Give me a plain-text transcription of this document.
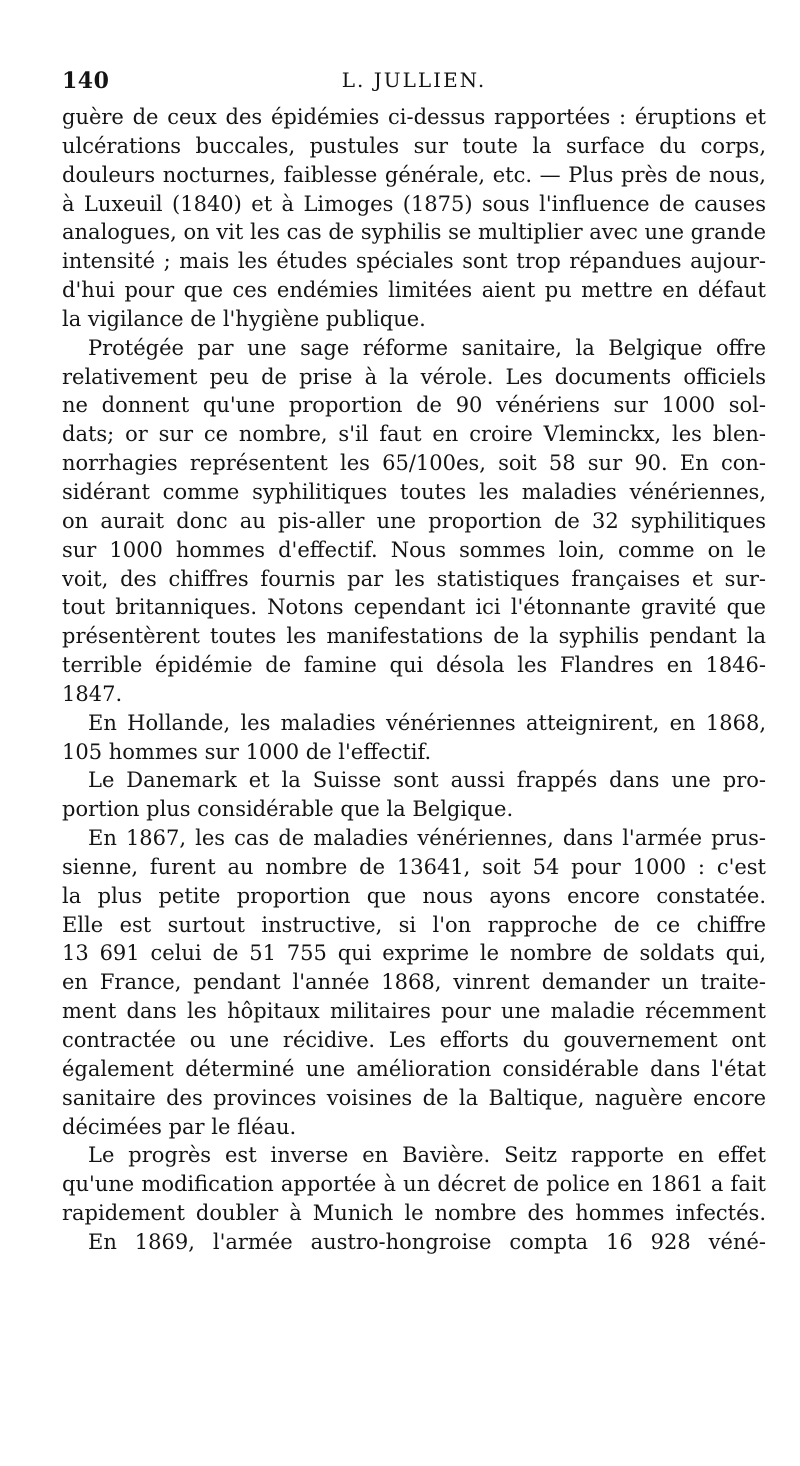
140	L. JULLIEN.
guère de ceux des épidémies ci-dessus rapportées : éruptions et
ulcérations buccales, pustules sur toute la surface du corps,
douleurs nocturnes, faiblesse générale, etc. — Plus près de nous,
à Luxeuil (1840) et à Limoges (1875) sous l'influence de causes
analogues, on vit les cas de syphilis se multiplier avec une grande
intensité ; mais les études spéciales sont trop répandues aujour-
d'hui pour que ces endémies limitées aient pu mettre en défaut
la vigilance de l'hygiène publique.
Protégée par une sage réforme sanitaire, la Belgique offre
relativement peu de prise à la vérole. Les documents officiels
ne donnent qu'une proportion de 90 vénériens sur 1000 sol-
dats; or sur ce nombre, s'il faut en croire Vleminckx, les blen-
norrhagies représentent les 65/100es, soit 58 sur 90. En con-
sidérant comme syphilitiques toutes les maladies vénériennes,
on aurait donc au pis-aller une proportion de 32 syphilitiques
sur 1000 hommes d'effectif. Nous sommes loin, comme on le
voit, des chiffres fournis par les statistiques françaises et sur-
tout britanniques. Notons cependant ici l'étonnante gravité que
présentèrent toutes les manifestations de la syphilis pendant la
terrible épidémie de famine qui désola les Flandres en 1846-
1847.
En Hollande, les maladies vénériennes atteignirent, en 1868,
105 hommes sur 1000 de l'effectif.
Le Danemark et la Suisse sont aussi frappés dans une pro-
portion plus considérable que la Belgique.
En 1867, les cas de maladies vénériennes, dans l'armée prus-
sienne, furent au nombre de 13641, soit 54 pour 1000 : c'est
la plus petite proportion que nous ayons encore constatée.
Elle est surtout instructive, si l'on rapproche de ce chiffre
13 691 celui de 51 755 qui exprime le nombre de soldats qui,
en France, pendant l'année 1868, vinrent demander un traite-
ment dans les hôpitaux militaires pour une maladie récemment
contractée ou une récidive. Les efforts du gouvernement ont
également déterminé une amélioration considérable dans l'état
sanitaire des provinces voisines de la Baltique, naguère encore
décimées par le fléau.
Le progrès est inverse en Bavière. Seitz rapporte en effet
qu'une modification apportée à un décret de police en 1861 a fait
rapidement doubler à Munich le nombre des hommes infectés.
En 1869, l'armée austro-hongroise compta 16 928 véné-
